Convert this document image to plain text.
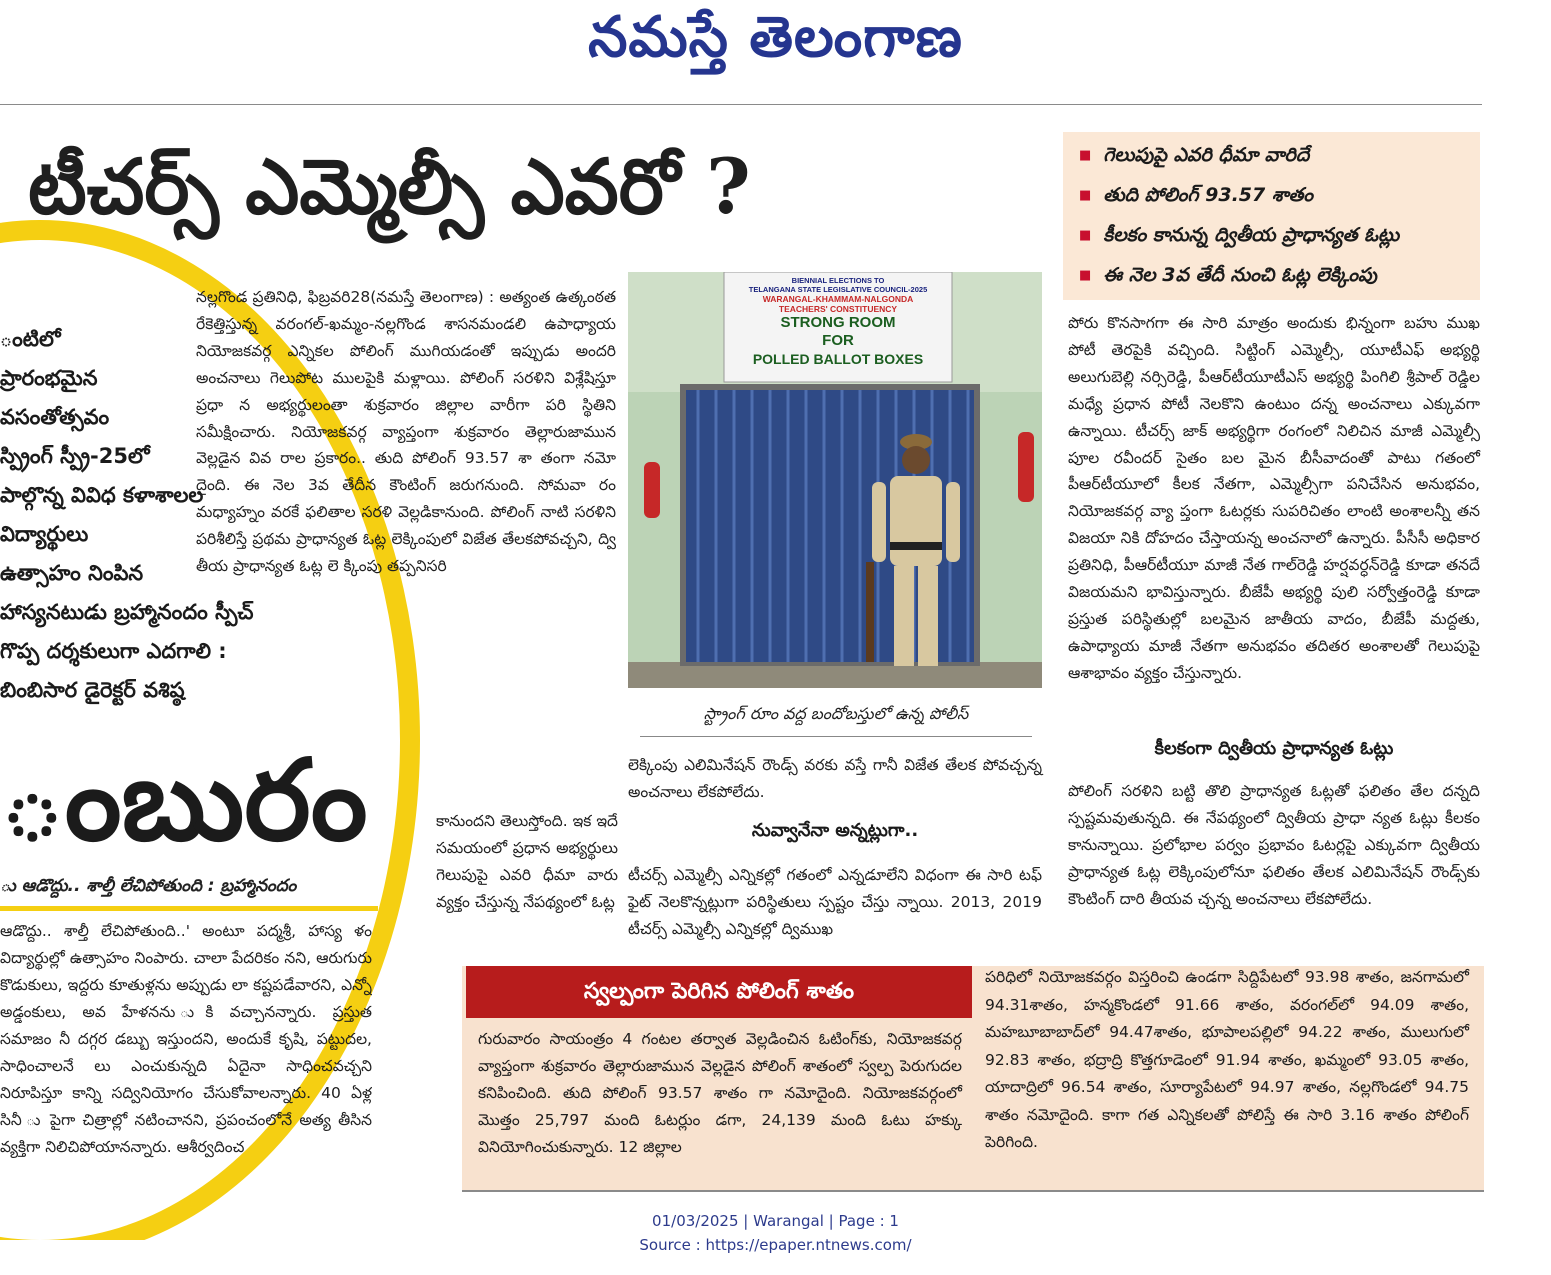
నమస్తే తెలంగాణ
ంటిలో
ప్రారంభమైన
వసంతోత్సవం
స్ప్రింగ్ స్ప్రీ-25లో
పాల్గొన్న వివిధ కళాశాలల
విద్యార్థులు
ఉత్సాహం నింపిన
హాస్యనటుడు బ్రహ్మానందం స్పీచ్
గొప్ప దర్శకులుగా ఎదగాలి :
బింబిసార డైరెక్టర్ వశిష్ఠ
ంబురం
ు ఆడొద్దు.. శాల్తీ లేచిపోతుంది : బ్రహ్మానందం
ఆడొద్దు.. శాల్తీ లేచిపోతుంది..' అంటూ పద్మశ్రీ, హాస్య ళం విద్యార్థుల్లో ఉత్సాహం నింపారు. చాలా పేదరికం నని, ఆరుగురు కొడుకులు, ఇద్దరు కూతుళ్లను అప్పుడు లా కష్టపడేవారని, ఎన్నో అడ్డంకులు, అవ హేళనను ుకి వచ్చానన్నారు. ప్రస్తుత సమాజం నీ దగ్గర డబ్బు ఇస్తుందని, అందుకే కృషి, పట్టుదల, సాధించాలనే లు ఎంచుకున్నది ఏదైనా సాధించవచ్చని నిరూపిస్తూ కాన్ని సద్వినియోగం చేసుకోవాలన్నారు. 40 ఏళ్ల సినీ ు పైగా చిత్రాల్లో నటించానని, ప్రపంచంలోనే అత్య తీసిన వ్యక్తిగా నిలిచిపోయానన్నారు. ఆశీర్వదించ
టీచర్స్ ఎమ్మెల్సీ ఎవరో ?
■	గెలుపుపై ఎవరి ధీమా వారిదే
■ తుది పోలింగ్ 93.57 శాతం
■ కీలకం కానున్న ద్వితీయ ప్రాధాన్యత ఓట్లు
■ ఈ నెల 3వ తేదీ నుంచి ఓట్ల లెక్కింపు
నల్లగొండ ప్రతినిధి, ఫిబ్రవరి28(నమస్తే తెలంగాణ) : అత్యంత ఉత్కంఠత రేకెత్తిస్తున్న వరంగల్-ఖమ్మం-నల్లగొండ శాసనమండలి ఉపాధ్యాయ నియోజకవర్గ ఎన్నికల పోలింగ్ ముగియడంతో ఇప్పుడు అందరి అంచనాలు గెలుపోట ములపైకి మళ్లాయి. పోలింగ్ సరళిని విశ్లేషిస్తూ ప్రధా న అభ్యర్థులంతా శుక్రవారం జిల్లాల వారీగా పరి స్థితిని సమీక్షించారు. నియోజకవర్గ వ్యాప్తంగా శుక్రవారం తెల్లారుజామున వెల్లడైన వివ రాల ప్రకారం.. తుది పోలింగ్ 93.57 శా తంగా నమో దైంది. ఈ నెల 3వ తేదీన కౌంటింగ్ జరుగనుంది. సోమవా రం మధ్యాహ్నం వరకే ఫలితాల సరళి వెల్లడికానుంది. పోలింగ్ నాటి సరళిని పరిశీలిస్తే ప్రథమ ప్రాధాన్యత ఓట్ల లెక్కింపులో విజేత తేలకపోవచ్చని, ద్వి తీయ ప్రాధాన్యత ఓట్ల లె క్కింపు తప్పనిసరి
కానుందని తెలుస్తోంది. ఇక ఇదే సమయంలో ప్రధాన అభ్యర్థులు గెలుపుపై ఎవరి ధీమా వారు వ్యక్తం చేస్తున్న నేపథ్యంలో ఓట్ల
BIENNIAL ELECTIONS TO
TELANGANA STATE LEGISLATIVE COUNCIL-2025
WARANGAL-KHAMMAM-NALGONDA
TEACHERS' CONSTITUENCY
STRONG ROOM
FOR
POLLED BALLOT BOXES
స్ట్రాంగ్ రూం వద్ద బందోబస్తులో ఉన్న పోలీస్
లెక్కింపు ఎలిమినేషన్ రౌండ్స్ వరకు వస్తే గానీ విజేత తేలక పోవచ్చన్న అంచనాలు లేకపోలేదు.
నువ్వానేనా అన్నట్లుగా..
టీచర్స్ ఎమ్మెల్సీ ఎన్నికల్లో గతంలో ఎన్నడూలేని విధంగా ఈ సారి టఫ్ ఫైట్ నెలకొన్నట్లుగా పరిస్థితులు స్పష్టం చేస్తు న్నాయి. 2013, 2019 టీచర్స్ ఎమ్మెల్సీ ఎన్నికల్లో ద్విముఖ
పోరు కొనసాగగా ఈ సారి మాత్రం అందుకు భిన్నంగా బహు ముఖ పోటీ తెరపైకి వచ్చింది. సిట్టింగ్ ఎమ్మెల్సీ, యూటీఎఫ్ అభ్యర్థి అలుగుబెల్లి నర్సిరెడ్డి, పీఆర్‌టీయూటీఎస్ అభ్యర్థి పింగిలి శ్రీపాల్ రెడ్డిల మధ్యే ప్రధాన పోటీ నెలకొని ఉంటుం దన్న అంచనాలు ఎక్కువగా ఉన్నాయి. టీచర్స్ జాక్ అభ్యర్థిగా రంగంలో నిలిచిన మాజీ ఎమ్మెల్సీ పూల రవీందర్ సైతం బల మైన బీసీవాదంతో పాటు గతంలో పీఆర్‌టీయూలో కీలక నేతగా, ఎమ్మెల్సీగా పనిచేసిన అనుభవం, నియోజకవర్గ వ్యా ప్తంగా ఓటర్లకు సుపరిచితం లాంటి అంశాలన్నీ తన విజయా నికి దోహదం చేస్తాయన్న అంచనాలో ఉన్నారు. పీసీసీ అధికార ప్రతినిధి, పీఆర్‌టీయూ మాజీ నేత గాల్‌రెడ్డి హర్షవర్ధన్‌రెడ్డి కూడా తనదే విజయమని భావిస్తున్నారు. బీజేపీ అభ్యర్థి పులి సర్వోత్తంరెడ్డి కూడా ప్రస్తుత పరిస్థితుల్లో బలమైన జాతీయ వాదం, బీజేపీ మద్దతు, ఉపాధ్యాయ మాజీ నేతగా అనుభవం తదితర అంశాలతో గెలుపుపై ఆశాభావం వ్యక్తం చేస్తున్నారు.
కీలకంగా ద్వితీయ ప్రాధాన్యత ఓట్లు
పోలింగ్ సరళిని బట్టి తొలి ప్రాధాన్యత ఓట్లతో ఫలితం తేల దన్నది స్పష్టమవుతున్నది. ఈ నేపథ్యంలో ద్వితీయ ప్రాధా న్యత ఓట్లు కీలకం కానున్నాయి. ప్రలోభాల పర్వం ప్రభావం ఓటర్లపై ఎక్కువగా ద్వితీయ ప్రాధాన్యత ఓట్ల లెక్కింపులోనూ ఫలితం తేలక ఎలిమినేషన్ రౌండ్స్‌కు కౌంటింగ్ దారి తీయవ చ్చన్న అంచనాలు లేకపోలేదు.
స్వల్పంగా పెరిగిన పోలింగ్ శాతం
గురువారం సాయంత్రం 4 గంటల తర్వాత వెల్లడించిన ఓటింగ్‌కు, నియోజకవర్గ వ్యాప్తంగా శుక్రవారం తెల్లారుజామున వెల్లడైన పోలింగ్ శాతంలో స్వల్ప పెరుగుదల కనిపించింది. తుది పోలింగ్ 93.57 శాతం గా నమోదైంది. నియోజకవర్గంలో మొత్తం 25,797 మంది ఓటర్లుం డగా, 24,139 మంది ఓటు హక్కు వినియోగించుకున్నారు. 12 జిల్లాల
పరిధిలో నియోజకవర్గం విస్తరించి ఉండగా సిద్దిపేటలో 93.98 శాతం, జనగామలో 94.31శాతం, హన్మకొండలో 91.66 శాతం, వరంగల్‌లో 94.09 శాతం, మహబూబాబాద్‌లో 94.47శాతం, భూపాలపల్లిలో 94.22 శాతం, ములుగులో 92.83 శాతం, భద్రాద్రి కొత్తగూడెంలో 91.94 శాతం, ఖమ్మంలో 93.05 శాతం, యాదాద్రిలో 96.54 శాతం, సూర్యాపేటలో 94.97 శాతం, నల్లగొండలో 94.75 శాతం నమోదైంది. కాగా గత ఎన్నికలతో పోలిస్తే ఈ సారి 3.16 శాతం పోలింగ్ పెరిగింది.
01/03/2025 | Warangal | Page : 1
Source : https://epaper.ntnews.com/
